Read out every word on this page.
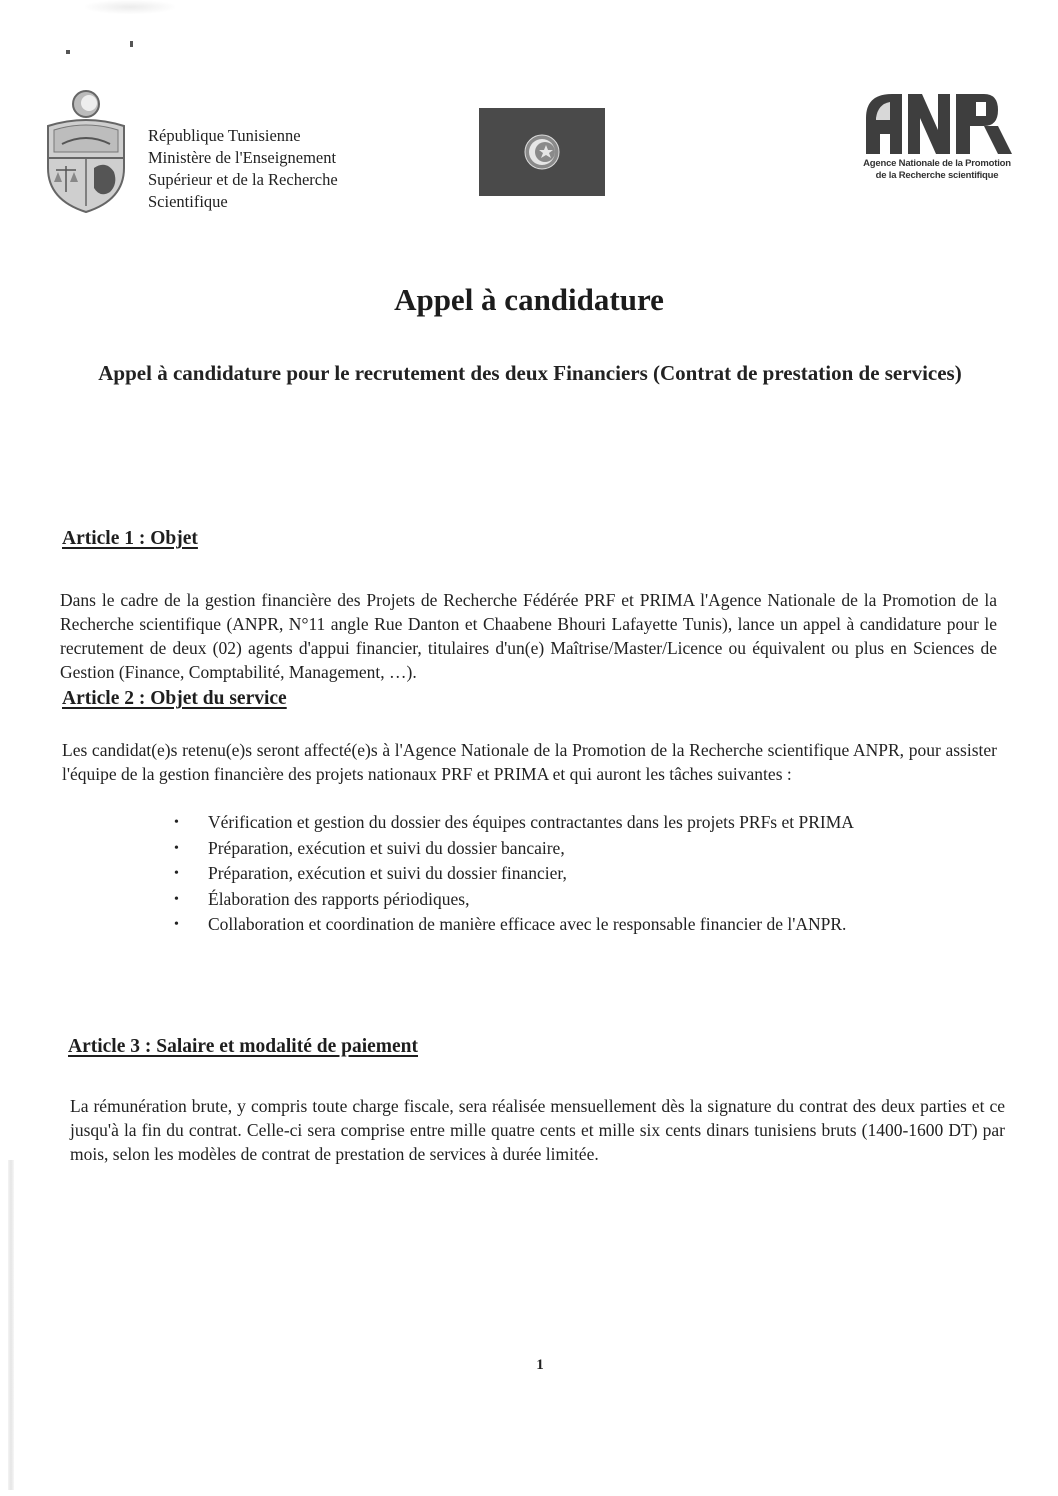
République Tunisienne
Ministère de l'Enseignement
Supérieur et de la Recherche
Scientifique
Agence Nationale de la Promotion
de la Recherche scientifique
Appel à candidature
Appel à candidature pour le recrutement des deux Financiers (Contrat de prestation de services)
Article 1 : Objet
Dans le cadre de la gestion financière des Projets de Recherche Fédérée PRF et PRIMA l'Agence Nationale de la Promotion de la Recherche scientifique (ANPR, N°11 angle Rue Danton et Chaabene Bhouri Lafayette Tunis), lance un appel à candidature pour le recrutement de deux (02) agents d'appui financier, titulaires d'un(e) Maîtrise/Master/Licence ou équivalent ou plus en Sciences de Gestion (Finance, Comptabilité, Management, …).
Article 2 : Objet du service
Les candidat(e)s retenu(e)s seront affecté(e)s à l'Agence Nationale de la Promotion de la Recherche scientifique ANPR, pour assister l'équipe de la gestion financière des projets nationaux PRF et PRIMA et qui auront les tâches suivantes :
• Vérification et gestion du dossier des équipes contractantes dans les projets PRFs et PRIMA
• Préparation, exécution et suivi du dossier bancaire,
• Préparation, exécution et suivi du dossier financier,
• Élaboration des rapports périodiques,
• Collaboration et coordination de manière efficace avec le responsable financier de l'ANPR.
Article 3 : Salaire et modalité de paiement
La rémunération brute, y compris toute charge fiscale, sera réalisée mensuellement dès la signature du contrat des deux parties et ce jusqu'à la fin du contrat. Celle-ci sera comprise entre mille quatre cents et mille six cents dinars tunisiens bruts (1400-1600 DT) par mois, selon les modèles de contrat de prestation de services à durée limitée.
1
